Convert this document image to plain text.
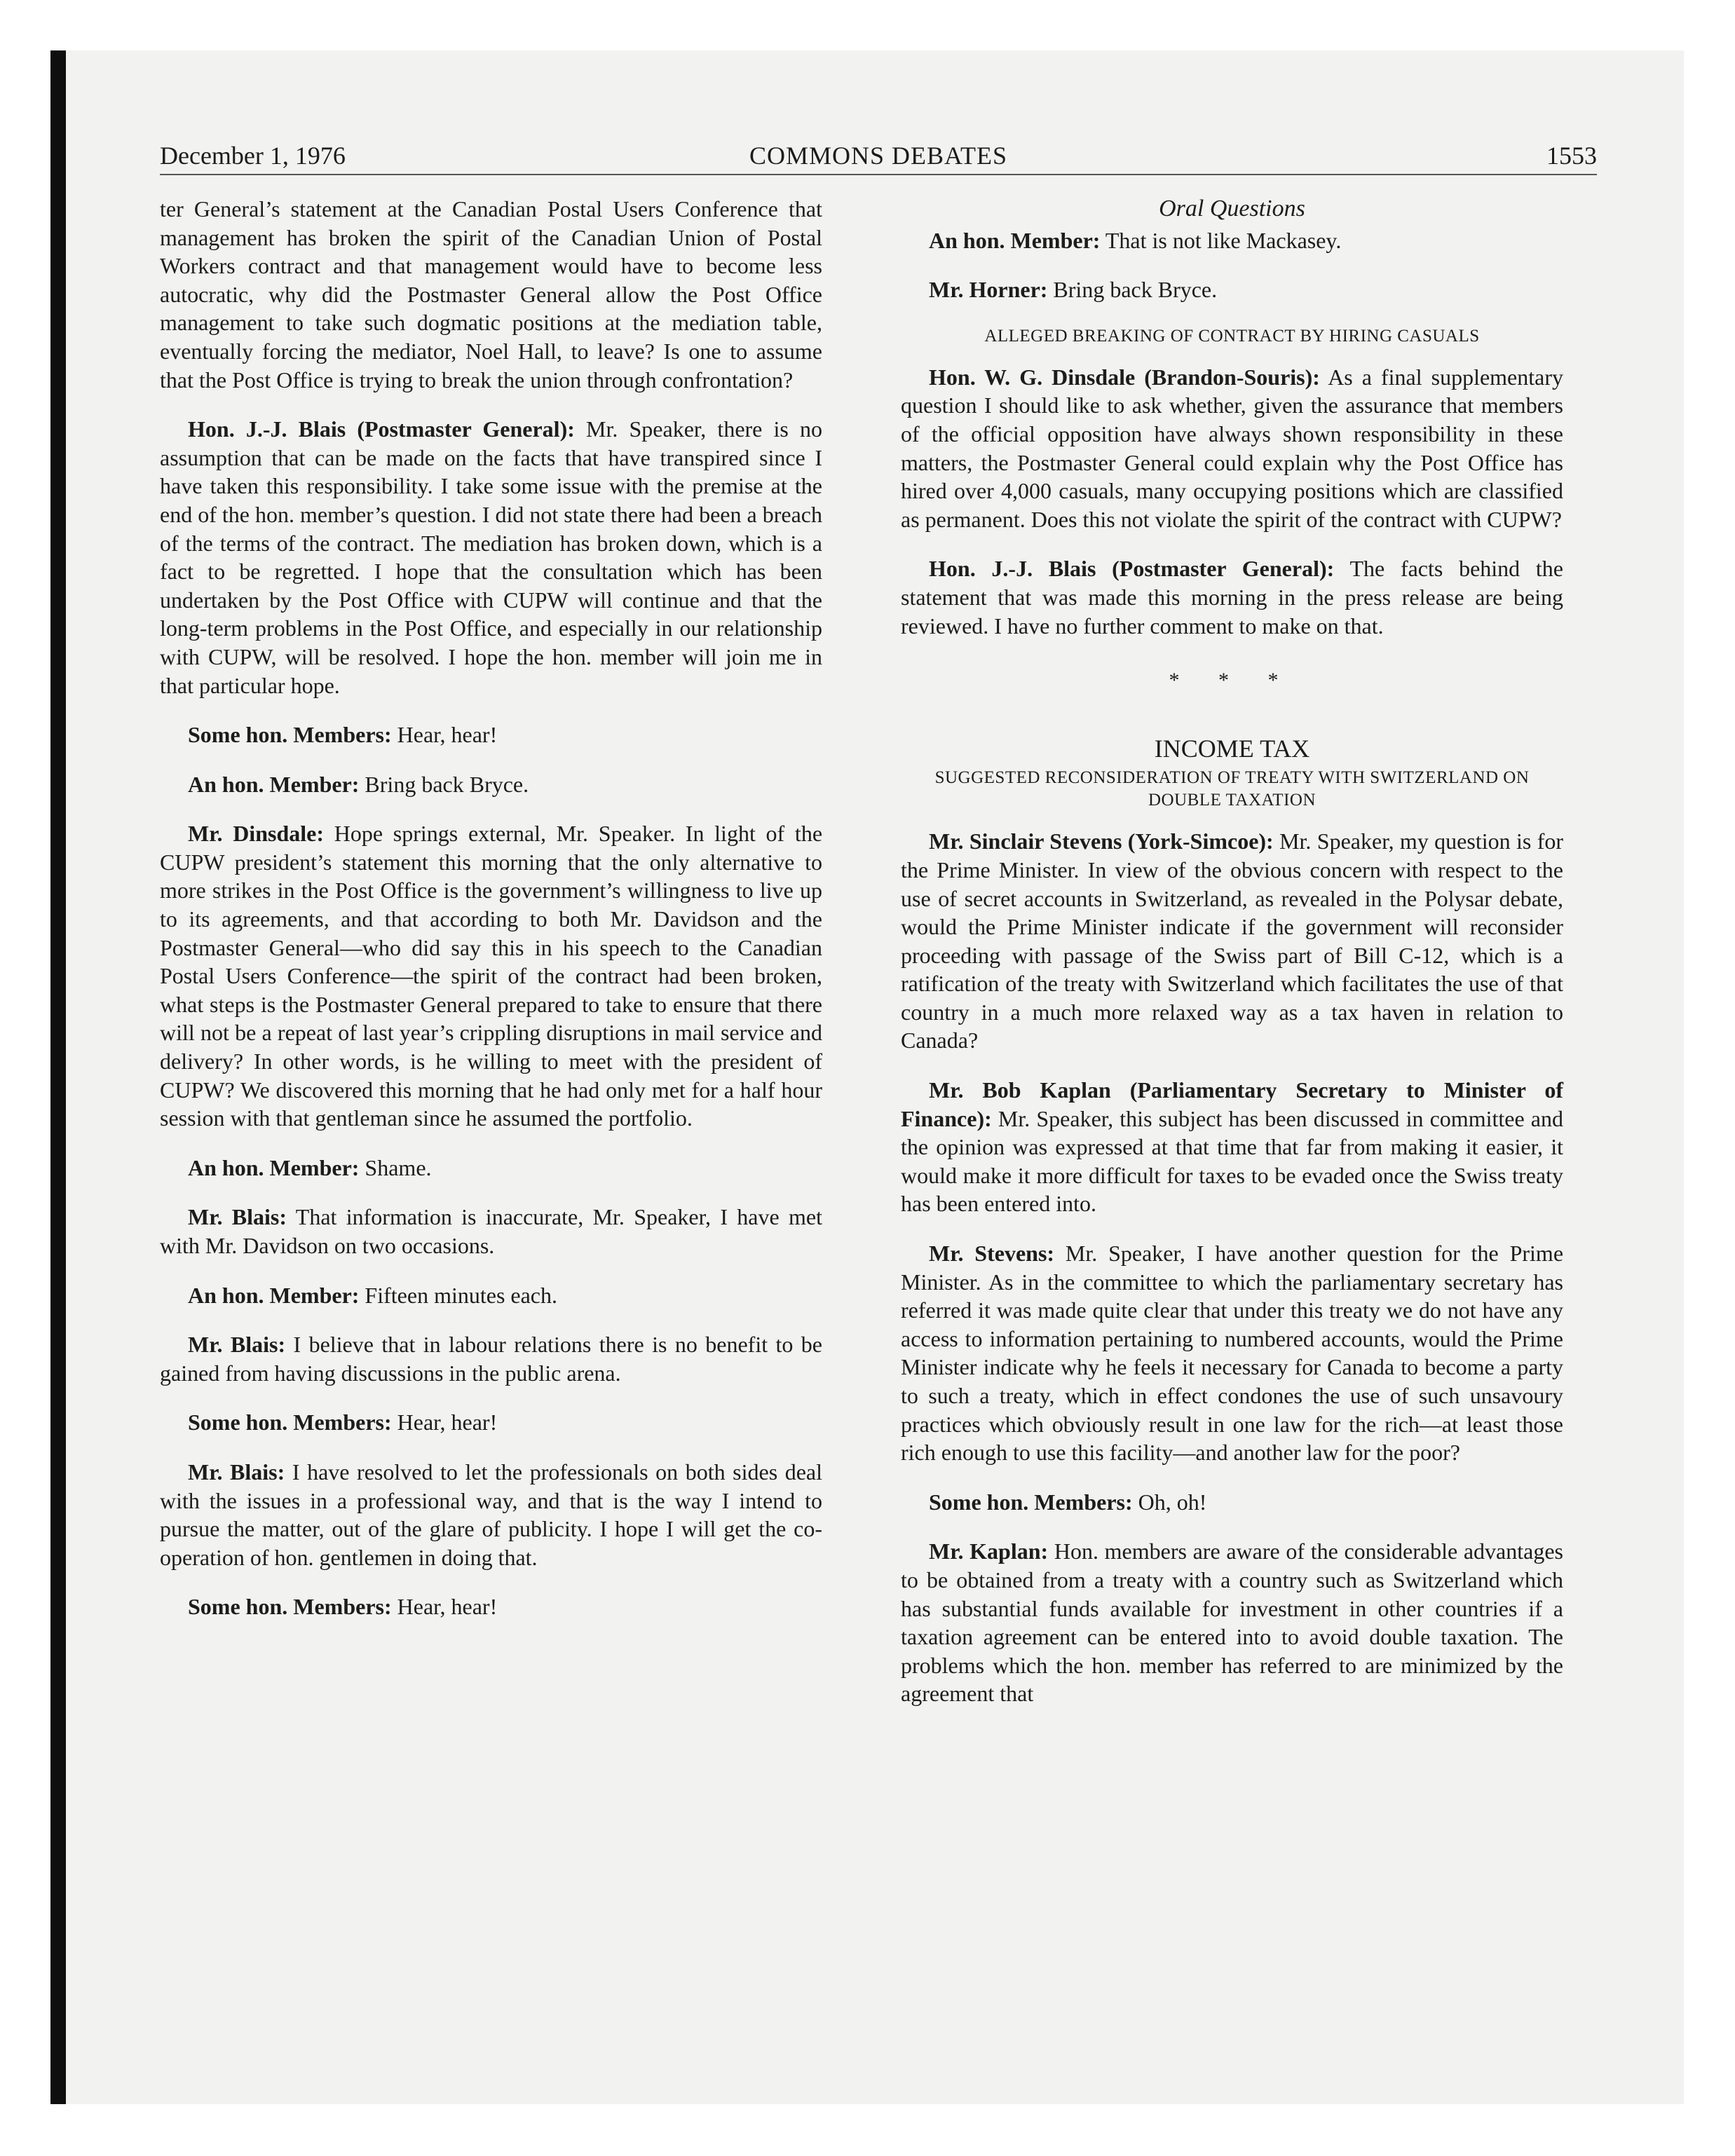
December 1, 1976	COMMONS DEBATES	1553

ter General’s statement at the Canadian Postal Users Conference that management has broken the spirit of the Canadian Union of Postal Workers contract and that management would have to become less autocratic, why did the Postmaster General allow the Post Office management to take such dogmatic positions at the mediation table, eventually forcing the mediator, Noel Hall, to leave? Is one to assume that the Post Office is trying to break the union through confrontation?

Hon. J.-J. Blais (Postmaster General): Mr. Speaker, there is no assumption that can be made on the facts that have transpired since I have taken this responsibility. I take some issue with the premise at the end of the hon. member’s question. I did not state there had been a breach of the terms of the contract. The mediation has broken down, which is a fact to be regretted. I hope that the consultation which has been undertaken by the Post Office with CUPW will continue and that the long-term problems in the Post Office, and especially in our relationship with CUPW, will be resolved. I hope the hon. member will join me in that particular hope.

Some hon. Members: Hear, hear!

An hon. Member: Bring back Bryce.

Mr. Dinsdale: Hope springs external, Mr. Speaker. In light of the CUPW president’s statement this morning that the only alternative to more strikes in the Post Office is the government’s willingness to live up to its agreements, and that according to both Mr. Davidson and the Postmaster General—who did say this in his speech to the Canadian Postal Users Conference—the spirit of the contract had been broken, what steps is the Postmaster General prepared to take to ensure that there will not be a repeat of last year’s crippling disruptions in mail service and delivery? In other words, is he willing to meet with the president of CUPW? We discovered this morning that he had only met for a half hour session with that gentleman since he assumed the portfolio.

An hon. Member: Shame.

Mr. Blais: That information is inaccurate, Mr. Speaker, I have met with Mr. Davidson on two occasions.

An hon. Member: Fifteen minutes each.

Mr. Blais: I believe that in labour relations there is no benefit to be gained from having discussions in the public arena.

Some hon. Members: Hear, hear!

Mr. Blais: I have resolved to let the professionals on both sides deal with the issues in a professional way, and that is the way I intend to pursue the matter, out of the glare of publicity. I hope I will get the co-operation of hon. gentlemen in doing that.

Some hon. Members: Hear, hear!

Oral Questions

An hon. Member: That is not like Mackasey.

Mr. Horner: Bring back Bryce.

ALLEGED BREAKING OF CONTRACT BY HIRING CASUALS

Hon. W. G. Dinsdale (Brandon-Souris): As a final supplementary question I should like to ask whether, given the assurance that members of the official opposition have always shown responsibility in these matters, the Postmaster General could explain why the Post Office has hired over 4,000 casuals, many occupying positions which are classified as permanent. Does this not violate the spirit of the contract with CUPW?

Hon. J.-J. Blais (Postmaster General): The facts behind the statement that was made this morning in the press release are being reviewed. I have no further comment to make on that.

* * *
INCOME TAX
SUGGESTED RECONSIDERATION OF TREATY WITH SWITZERLAND ON DOUBLE TAXATION

Mr. Sinclair Stevens (York-Simcoe): Mr. Speaker, my question is for the Prime Minister. In view of the obvious concern with respect to the use of secret accounts in Switzerland, as revealed in the Polysar debate, would the Prime Minister indicate if the government will reconsider proceeding with passage of the Swiss part of Bill C-12, which is a ratification of the treaty with Switzerland which facilitates the use of that country in a much more relaxed way as a tax haven in relation to Canada?

Mr. Bob Kaplan (Parliamentary Secretary to Minister of Finance): Mr. Speaker, this subject has been discussed in committee and the opinion was expressed at that time that far from making it easier, it would make it more difficult for taxes to be evaded once the Swiss treaty has been entered into.

Mr. Stevens: Mr. Speaker, I have another question for the Prime Minister. As in the committee to which the parliamentary secretary has referred it was made quite clear that under this treaty we do not have any access to information pertaining to numbered accounts, would the Prime Minister indicate why he feels it necessary for Canada to become a party to such a treaty, which in effect condones the use of such unsavoury practices which obviously result in one law for the rich—at least those rich enough to use this facility—and another law for the poor?

Some hon. Members: Oh, oh!

Mr. Kaplan: Hon. members are aware of the considerable advantages to be obtained from a treaty with a country such as Switzerland which has substantial funds available for investment in other countries if a taxation agreement can be entered into to avoid double taxation. The problems which the hon. member has referred to are minimized by the agreement that
